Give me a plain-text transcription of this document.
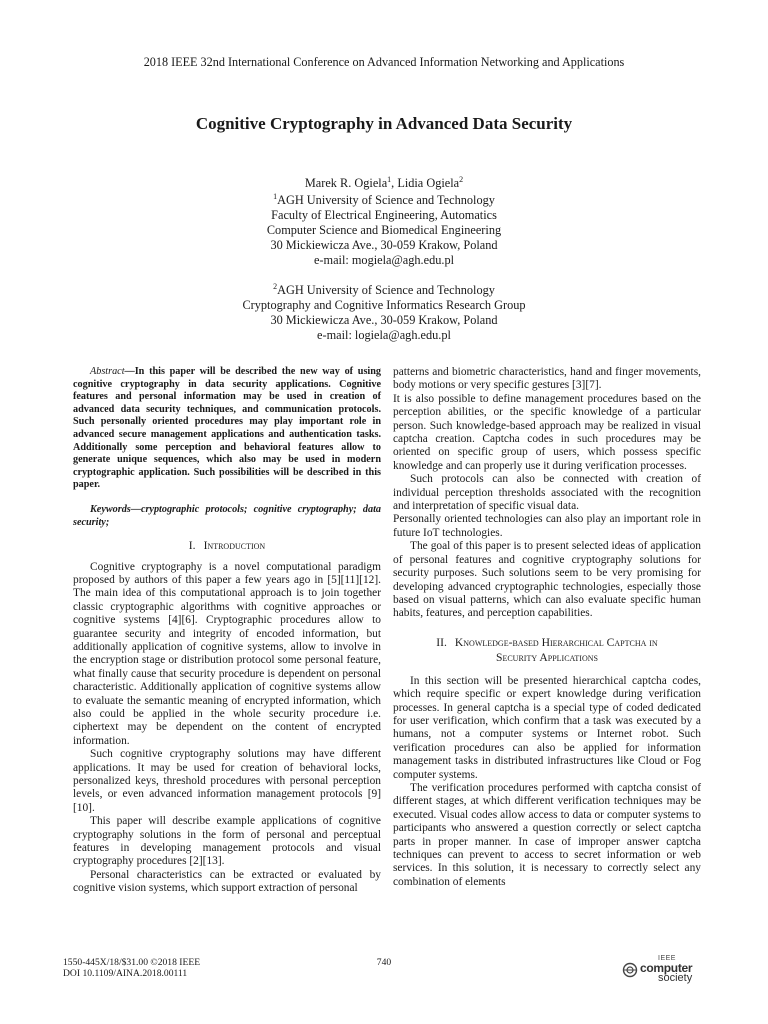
2018 IEEE 32nd International Conference on Advanced Information Networking and Applications
Cognitive Cryptography in Advanced Data Security
Marek R. Ogiela$^1$, Lidia Ogiela$^2$
$^1$AGH University of Science and Technology
Faculty of Electrical Engineering, Automatics
Computer Science and Biomedical Engineering
30 Mickiewicza Ave., 30-059 Krakow, Poland
e-mail: mogiela@agh.edu.pl
$^2$AGH University of Science and Technology
Cryptography and Cognitive Informatics Research Group
30 Mickiewicza Ave., 30-059 Krakow, Poland
e-mail: logiela@agh.edu.pl

Abstract—In this paper will be described the new way of using cognitive cryptography in data security applications. Cognitive features and personal information may be used in creation of advanced data security techniques, and communication protocols. Such personally oriented procedures may play important role in advanced secure management applications and authentication tasks. Additionally some perception and behavioral features allow to generate unique sequences, which also may be used in modern cryptographic application. Such possibilities will be described in this paper.

Keywords—cryptographic protocols; cognitive cryptography; data security;

I. Introduction

Cognitive cryptography is a novel computational paradigm proposed by authors of this paper a few years ago in [5][11][12]. The main idea of this computational approach is to join together classic cryptographic algorithms with cognitive approaches or cognitive systems [4][6]. Cryptographic procedures allow to guarantee security and integrity of encoded information, but additionally application of cognitive systems, allow to involve in the encryption stage or distribution protocol some personal feature, what finally cause that security procedure is dependent on personal characteristic. Additionally application of cognitive systems allow to evaluate the semantic meaning of encrypted information, which also could be applied in the whole security procedure i.e. ciphertext may be dependent on the content of encrypted information.

Such cognitive cryptography solutions may have different applications. It may be used for creation of behavioral locks, personalized keys, threshold procedures with personal perception levels, or even advanced information management protocols [9][10].

This paper will describe example applications of cognitive cryptography solutions in the form of personal and perceptual features in developing management protocols and visual cryptography procedures [2][13].

Personal characteristics can be extracted or evaluated by cognitive vision systems, which support extraction of personal

patterns and biometric characteristics, hand and finger movements, body motions or very specific gestures [3][7].

It is also possible to define management procedures based on the perception abilities, or the specific knowledge of a particular person. Such knowledge-based approach may be realized in visual captcha creation. Captcha codes in such procedures may be oriented on specific group of users, which possess specific knowledge and can properly use it during verification processes.

Such protocols can also be connected with creation of individual perception thresholds associated with the recognition and interpretation of specific visual data.

Personally oriented technologies can also play an important role in future IoT technologies.

The goal of this paper is to present selected ideas of application of personal features and cognitive cryptography solutions for security purposes. Such solutions seem to be very promising for developing advanced cryptographic technologies, especially those based on visual patterns, which can also evaluate specific human habits, features, and perception capabilities.

II. Knowledge-based Hierarchical Captcha in
Security Applications

In this section will be presented hierarchical captcha codes, which require specific or expert knowledge during verification processes. In general captcha is a special type of coded dedicated for user verification, which confirm that a task was executed by a humans, not a computer systems or Internet robot. Such verification procedures can also be applied for information management tasks in distributed infrastructures like Cloud or Fog computer systems.

The verification procedures performed with captcha consist of different stages, at which different verification techniques may be executed. Visual codes allow access to data or computer systems to participants who answered a question correctly or select captcha parts in proper manner. In case of improper answer captcha techniques can prevent to access to secret information or web services. In this solution, it is necessary to correctly select any combination of elements

1550-445X/18/$31.00 ©2018 IEEE
DOI 10.1109/AINA.2018.00111
740	IEEE
computer
society
